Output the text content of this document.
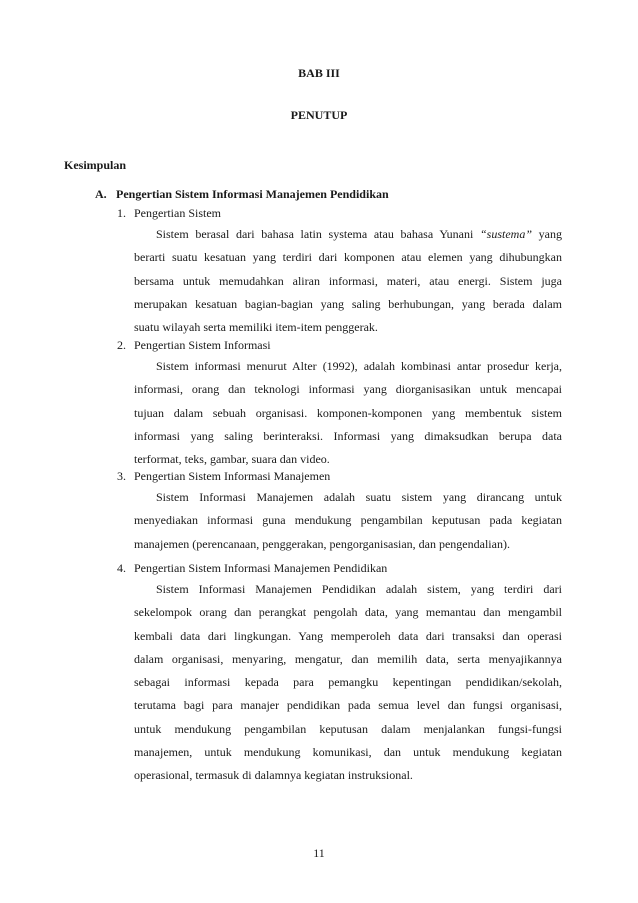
BAB III
PENUTUP
Kesimpulan
A. Pengertian Sistem Informasi Manajemen Pendidikan
1. Pengertian Sistem
Sistem berasal dari bahasa latin systema atau bahasa Yunani “sustema” yang
berarti suatu kesatuan yang terdiri dari komponen atau elemen yang dihubungkan
bersama untuk memudahkan aliran informasi, materi, atau energi. Sistem juga
merupakan kesatuan bagian-bagian yang saling berhubungan, yang berada dalam
suatu wilayah serta memiliki item-item penggerak.
2. Pengertian Sistem Informasi
Sistem informasi menurut Alter (1992), adalah kombinasi antar prosedur kerja,
informasi, orang dan teknologi informasi yang diorganisasikan untuk mencapai
tujuan dalam sebuah organisasi. komponen-komponen yang membentuk sistem
informasi yang saling berinteraksi. Informasi yang dimaksudkan berupa data
terformat, teks, gambar, suara dan video.
3. Pengertian Sistem Informasi Manajemen
Sistem Informasi Manajemen adalah suatu sistem yang dirancang untuk
menyediakan informasi guna mendukung pengambilan keputusan pada kegiatan
manajemen (perencanaan, penggerakan, pengorganisasian, dan pengendalian).
4. Pengertian Sistem Informasi Manajemen Pendidikan
Sistem Informasi Manajemen Pendidikan adalah sistem, yang terdiri dari
sekelompok orang dan perangkat pengolah data, yang memantau dan mengambil
kembali data dari lingkungan. Yang memperoleh data dari transaksi dan operasi
dalam organisasi, menyaring, mengatur, dan memilih data, serta menyajikannya
sebagai informasi kepada para pemangku kepentingan pendidikan/sekolah,
terutama bagi para manajer pendidikan pada semua level dan fungsi organisasi,
untuk mendukung pengambilan keputusan dalam menjalankan fungsi-fungsi
manajemen, untuk mendukung komunikasi, dan untuk mendukung kegiatan
operasional, termasuk di dalamnya kegiatan instruksional.
11
